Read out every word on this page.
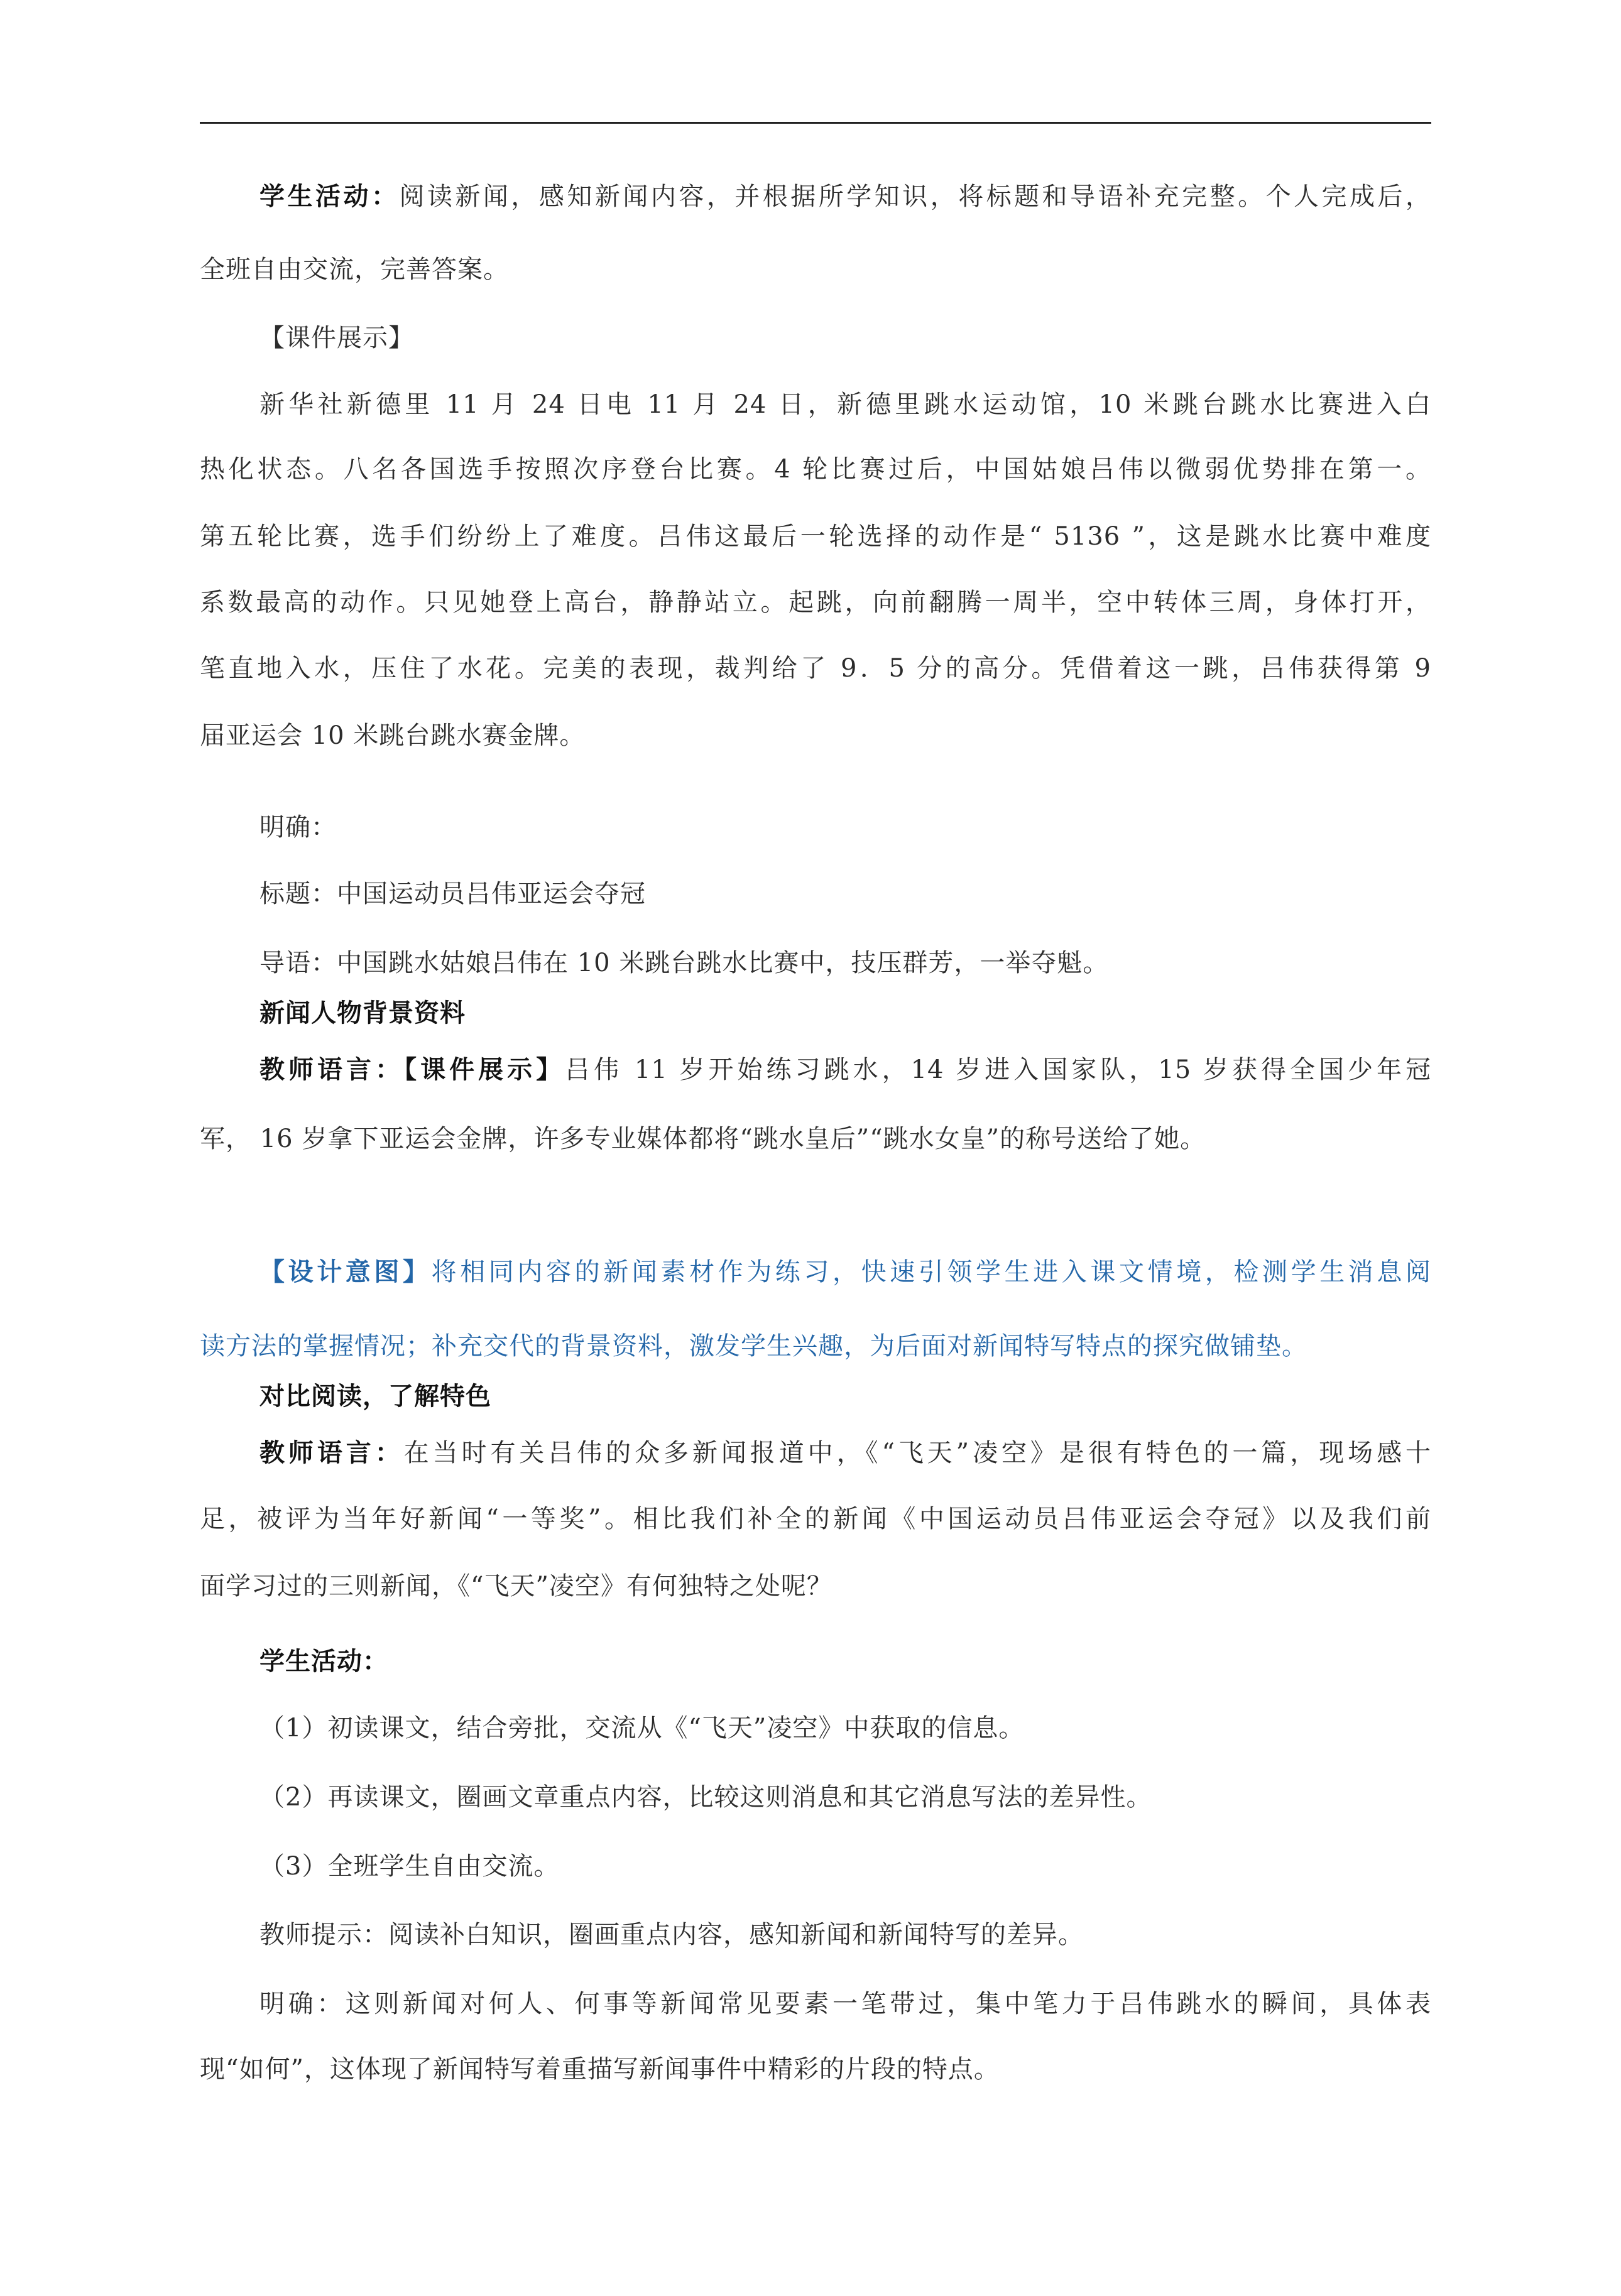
学生活动：阅读新闻，感知新闻内容，并根据所学知识，将标题和导语补充完整。个人完成后，
全班自由交流，完善答案。
【课件展示】
新华社新德里 11 月 24 日电 11 月 24 日，新德里跳水运动馆，10 米跳台跳水比赛进入白
热化状态。八名各国选手按照次序登台比赛。4 轮比赛过后，中国姑娘吕伟以微弱优势排在第一。
第五轮比赛，选手们纷纷上了难度。吕伟这最后一轮选择的动作是“ 5136 ”，这是跳水比赛中难度
系数最高的动作。只见她登上高台，静静站立。起跳，向前翻腾一周半，空中转体三周，身体打开，
笔直地入水，压住了水花。完美的表现，裁判给了 9．5 分的高分。凭借着这一跳，吕伟获得第 9
届亚运会 10 米跳台跳水赛金牌。
明确：
标题：中国运动员吕伟亚运会夺冠
导语：中国跳水姑娘吕伟在 10 米跳台跳水比赛中，技压群芳，一举夺魁。
新闻人物背景资料
教师语言：【课件展示】吕伟 11 岁开始练习跳水，14 岁进入国家队，15 岁获得全国少年冠
军， 16 岁拿下亚运会金牌，许多专业媒体都将“跳水皇后”“跳水女皇”的称号送给了她。
【设计意图】将相同内容的新闻素材作为练习，快速引领学生进入课文情境，检测学生消息阅
读方法的掌握情况；补充交代的背景资料，激发学生兴趣，为后面对新闻特写特点的探究做铺垫。
对比阅读，了解特色
教师语言：在当时有关吕伟的众多新闻报道中，《“飞天”凌空》是很有特色的一篇，现场感十
足，被评为当年好新闻“一等奖”。相比我们补全的新闻《中国运动员吕伟亚运会夺冠》以及我们前
面学习过的三则新闻，《“飞天”凌空》有何独特之处呢？
学生活动：
（1）初读课文，结合旁批，交流从《“飞天”凌空》中获取的信息。
（2）再读课文，圈画文章重点内容，比较这则消息和其它消息写法的差异性。
（3）全班学生自由交流。
教师提示：阅读补白知识，圈画重点内容，感知新闻和新闻特写的差异。
明确：这则新闻对何人、何事等新闻常见要素一笔带过，集中笔力于吕伟跳水的瞬间，具体表
现“如何”，这体现了新闻特写着重描写新闻事件中精彩的片段的特点。
